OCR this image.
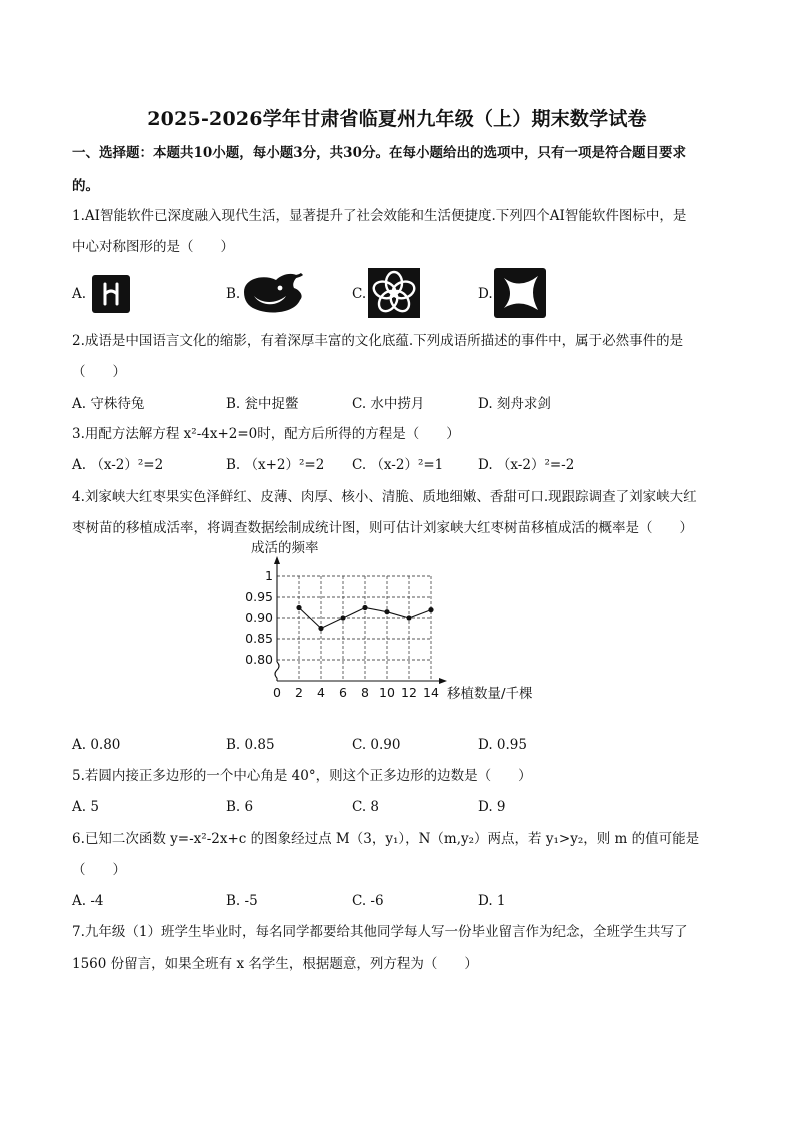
2025-2026学年甘肃省临夏州九年级（上）期末数学试卷
一、选择题：本题共10小题，每小题3分，共30分。在每小题给出的选项中，只有一项是符合题目要求
的。
1.AI智能软件已深度融入现代生活，显著提升了社会效能和生活便捷度.下列四个AI智能软件图标中，是
中心对称图形的是（　　）
A.	B.	C.	D.
2.成语是中国语言文化的缩影，有着深厚丰富的文化底蕴.下列成语所描述的事件中，属于必然事件的是
（　　）
A. 守株待兔	B. 瓮中捉鳖	C. 水中捞月	D. 刻舟求剑
3.用配方法解方程 x²-4x+2=0时，配方后所得的方程是（　　）
A. （x-2）²=2	B. （x+2）²=2 C. （x-2）²=1	D. （x-2）²=-2
4.刘家峡大红枣果实色泽鲜红、皮薄、肉厚、核小、清脆、质地细嫩、香甜可口.现跟踪调查了刘家峡大红
枣树苗的移植成活率，将调查数据绘制成统计图，则可估计刘家峡大红枣树苗移植成活的概率是（　　）
0.80
0.85
0.90
0.95
1
0 2 4 6 8 10 12 14
成活的频率
移植数量/千棵
A. 0.80	B. 0.85	C. 0.90	D. 0.95
5.若圆内接正多边形的一个中心角是 40°，则这个正多边形的边数是（　　）
A. 5	B. 6	C. 8	D. 9
6.已知二次函数 y=-x²-2x+c 的图象经过点 M（3，y₁），N（m,y₂）两点，若 y₁>y₂，则 m 的值可能是
（　　）
A. -4	B. -5	C. -6	D. 1
7.九年级（1）班学生毕业时，每名同学都要给其他同学每人写一份毕业留言作为纪念，全班学生共写了
1560 份留言，如果全班有 x 名学生，根据题意，列方程为（　　）
